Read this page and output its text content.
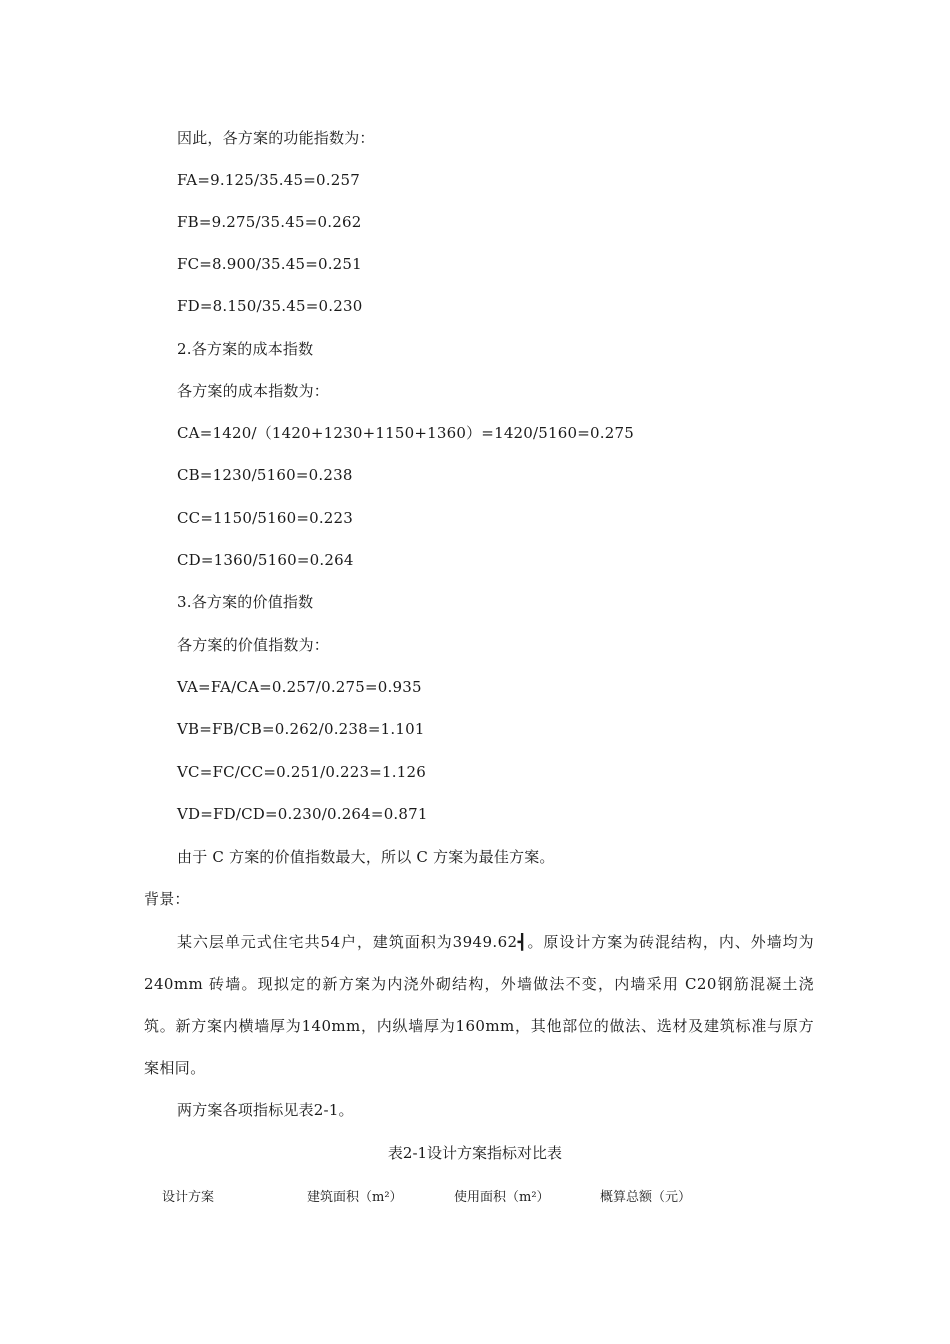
因此，各方案的功能指数为：
FA=9.125/35.45=0.257
FB=9.275/35.45=0.262
FC=8.900/35.45=0.251
FD=8.150/35.45=0.230
2.各方案的成本指数
各方案的成本指数为：
CA=1420/（1420+1230+1150+1360）=1420/5160=0.275
CB=1230/5160=0.238
CC=1150/5160=0.223
CD=1360/5160=0.264
3.各方案的价值指数
各方案的价值指数为：
VA=FA/CA=0.257/0.275=0.935
VB=FB/CB=0.262/0.238=1.101
VC=FC/CC=0.251/0.223=1.126
VD=FD/CD=0.230/0.264=0.871
由于 C 方案的价值指数最大，所以 C 方案为最佳方案。
背景：
某六层单元式住宅共54户，建筑面积为3949.62┫。原设计方案为砖混结构，内、外墙均为240mm 砖墙。现拟定的新方案为内浇外砌结构，外墙做法不变，内墙采用 C20钢筋混凝土浇筑。新方案内横墙厚为140mm，内纵墙厚为160mm，其他部位的做法、选材及建筑标准与原方案相同。
两方案各项指标见表2-1。
表2-1设计方案指标对比表
设计方案	建筑面积（m²）	使用面积（m²）	概算总额（元）
